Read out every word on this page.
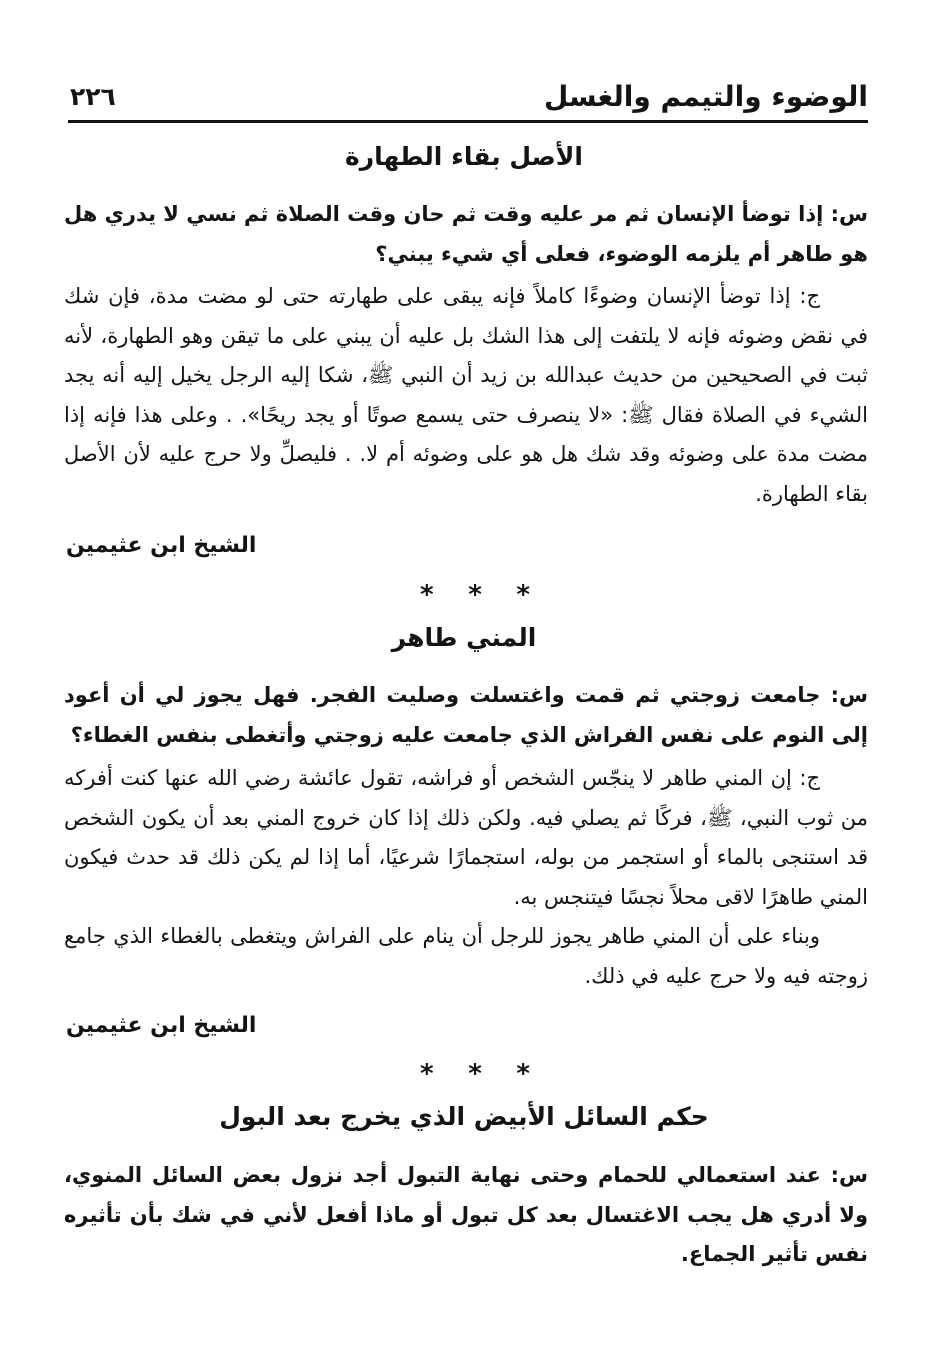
الوضوء والتيمم والغسل
٢٢٦
الأصل بقاء الطهارة
س: إذا توضأ الإنسان ثم مر عليه وقت ثم حان وقت الصلاة ثم نسي لا يدري هل هو طاهر أم يلزمه الوضوء، فعلى أي شيء يبني؟

ج: إذا توضأ الإنسان وضوءًا كاملاً فإنه يبقى على طهارته حتى لو مضت مدة، فإن شك في نقض وضوئه فإنه لا يلتفت إلى هذا الشك بل عليه أن يبني على ما تيقن وهو الطهارة، لأنه ثبت في الصحيحين من حديث عبدالله بن زيد أن النبي ﷺ، شكا إليه الرجل يخيل إليه أنه يجد الشيء في الصلاة فقال ﷺ: «لا ينصرف حتى يسمع صوتًا أو يجد ريحًا». . وعلى هذا فإنه إذا مضت مدة على وضوئه وقد شك هل هو على وضوئه أم لا. . فليصلِّ ولا حرج عليه لأن الأصل بقاء الطهارة.

الشيخ ابن عثيمين
* * *
المني طاهر
س: جامعت زوجتي ثم قمت واغتسلت وصليت الفجر. فهل يجوز لي أن أعود إلى النوم على نفس الفراش الذي جامعت عليه زوجتي وأتغطى بنفس الغطاء؟

ج: إن المني طاهر لا ينجّس الشخص أو فراشه، تقول عائشة رضي الله عنها كنت أفركه من ثوب النبي، ﷺ، فركًا ثم يصلي فيه. ولكن ذلك إذا كان خروج المني بعد أن يكون الشخص قد استنجى بالماء أو استجمر من بوله، استجمارًا شرعيًا، أما إذا لم يكن ذلك قد حدث فيكون المني طاهرًا لاقى محلاً نجسًا فيتنجس به.

وبناء على أن المني طاهر يجوز للرجل أن ينام على الفراش ويتغطى بالغطاء الذي جامع زوجته فيه ولا حرج عليه في ذلك.

الشيخ ابن عثيمين
* * *
حكم السائل الأبيض الذي يخرج بعد البول
س: عند استعمالي للحمام وحتى نهاية التبول أجد نزول بعض السائل المنوي، ولا أدري هل يجب الاغتسال بعد كل تبول أو ماذا أفعل لأني في شك بأن تأثيره نفس تأثير الجماع.
